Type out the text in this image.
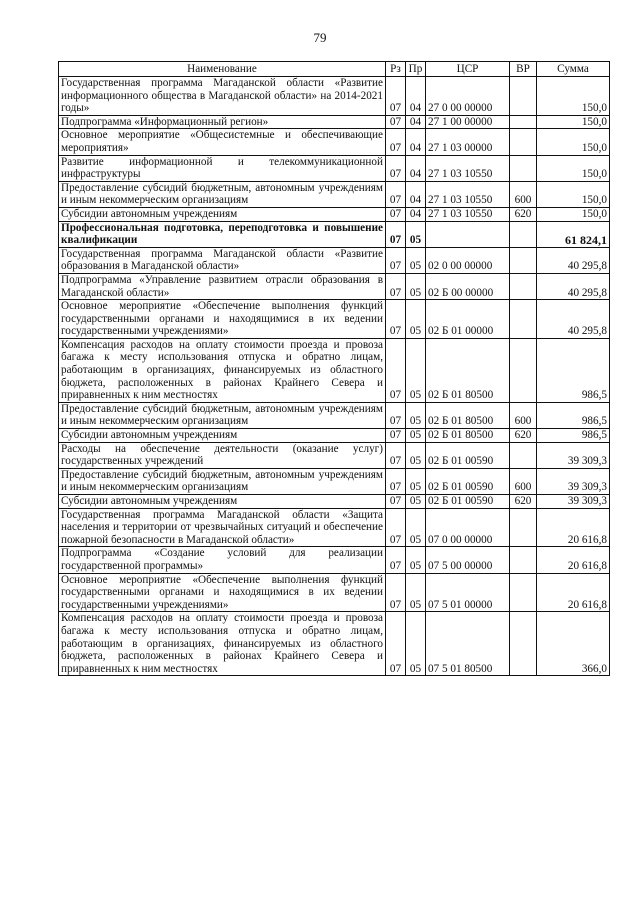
79
Наименование	Рз	Пр	ЦСР	ВР	Сумма
Государственная программа Магаданской области «Развитие информационного общества в Магаданской области» на 2014-2021 годы»	07	04	27 0 00 00000		150,0
Подпрограмма «Информационный регион»	07	04	27 1 00 00000		150,0
Основное мероприятие «Общесистемные и обеспечивающие мероприятия»	07	04	27 1 03 00000		150,0
Развитие информационной и телекоммуникационной инфраструктуры	07	04	27 1 03 10550		150,0
Предоставление субсидий бюджетным, автономным учреждениям и иным некоммерческим организациям	07	04	27 1 03 10550	600	150,0
Субсидии автономным учреждениям	07	04	27 1 03 10550	620	150,0
Профессиональная подготовка, переподготовка и повышение квалификации	07	05			61 824,1
Государственная программа Магаданской области «Развитие образования в Магаданской области»	07	05	02 0 00 00000		40 295,8
Подпрограмма «Управление развитием отрасли образования в Магаданской области»	07	05	02 Б 00 00000		40 295,8
Основное мероприятие «Обеспечение выполнения функций государственными органами и находящимися в их ведении государственными учреждениями»	07	05	02 Б 01 00000		40 295,8
Компенсация расходов на оплату стоимости проезда и провоза багажа к месту использования отпуска и обратно лицам, работающим в организациях, финансируемых из областного бюджета, расположенных в районах Крайнего Севера и приравненных к ним местностях	07	05	02 Б 01 80500		986,5
Предоставление субсидий бюджетным, автономным учреждениям и иным некоммерческим организациям	07	05	02 Б 01 80500	600	986,5
Субсидии автономным учреждениям	07	05	02 Б 01 80500	620	986,5
Расходы на обеспечение деятельности (оказание услуг) государственных учреждений	07	05	02 Б 01 00590		39 309,3
Предоставление субсидий бюджетным, автономным учреждениям и иным некоммерческим организациям	07	05	02 Б 01 00590	600	39 309,3
Субсидии автономным учреждениям	07	05	02 Б 01 00590	620	39 309,3
Государственная программа Магаданской области «Защита населения и территории от чрезвычайных ситуаций и обеспечение пожарной безопасности в Магаданской области»	07	05	07 0 00 00000		20 616,8
Подпрограмма «Создание условий для реализации государственной программы»	07	05	07 5 00 00000		20 616,8
Основное мероприятие «Обеспечение выполнения функций государственными органами и находящимися в их ведении государственными учреждениями»	07	05	07 5 01 00000		20 616,8
Компенсация расходов на оплату стоимости проезда и провоза багажа к месту использования отпуска и обратно лицам, работающим в организациях, финансируемых из областного бюджета, расположенных в районах Крайнего Севера и приравненных к ним местностях	07	05	07 5 01 80500		366,0
